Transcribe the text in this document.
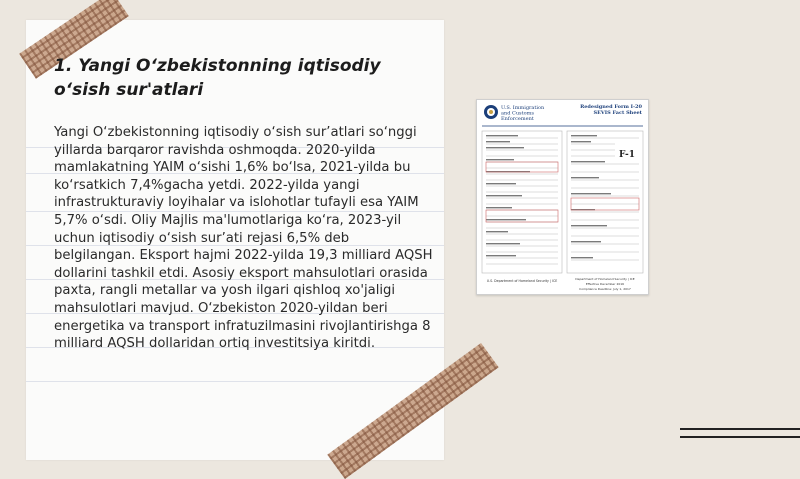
1. Yangi O‘zbekistonning iqtisodiy o‘sish sur'atlari

Yangi O‘zbekistonning iqtisodiy o‘sish sur’atlari so‘nggi yillarda barqaror ravishda oshmoqda. 2020-yilda mamlakatning YAIM o‘sishi 1,6% bo‘lsa, 2021-yilda bu ko‘rsatkich 7,4%gacha yetdi. 2022-yilda yangi infrastrukturaviy loyihalar va islohotlar tufayli esa YAIM 5,7% o‘sdi. Oliy Majlis ma'lumotlariga ko‘ra, 2023-yil uchun iqtisodiy o‘sish sur’ati rejasi 6,5% deb belgilangan. Eksport hajmi 2022-yilda 19,3 milliard AQSH dollarini tashkil etdi. Asosiy eksport mahsulotlari orasida paxta, rangli metallar va yosh ilgari qishloq xo'jaligi mahsulotlari mavjud. O‘zbekiston 2020-yildan beri energetika va transport infratuzilmasini rivojlantirishga 8 milliard AQSH dollaridan ortiq investitsiya kiritdi.

U.S. Immigration
and Customs
Enforcement
Redesigned Form I-20
SEVIS Fact Sheet
U.S. Department of Homeland Security | ICE
F-1
Department of Homeland Security | ICE
Effective December 2016
Compliance Deadline: July 1, 2017
